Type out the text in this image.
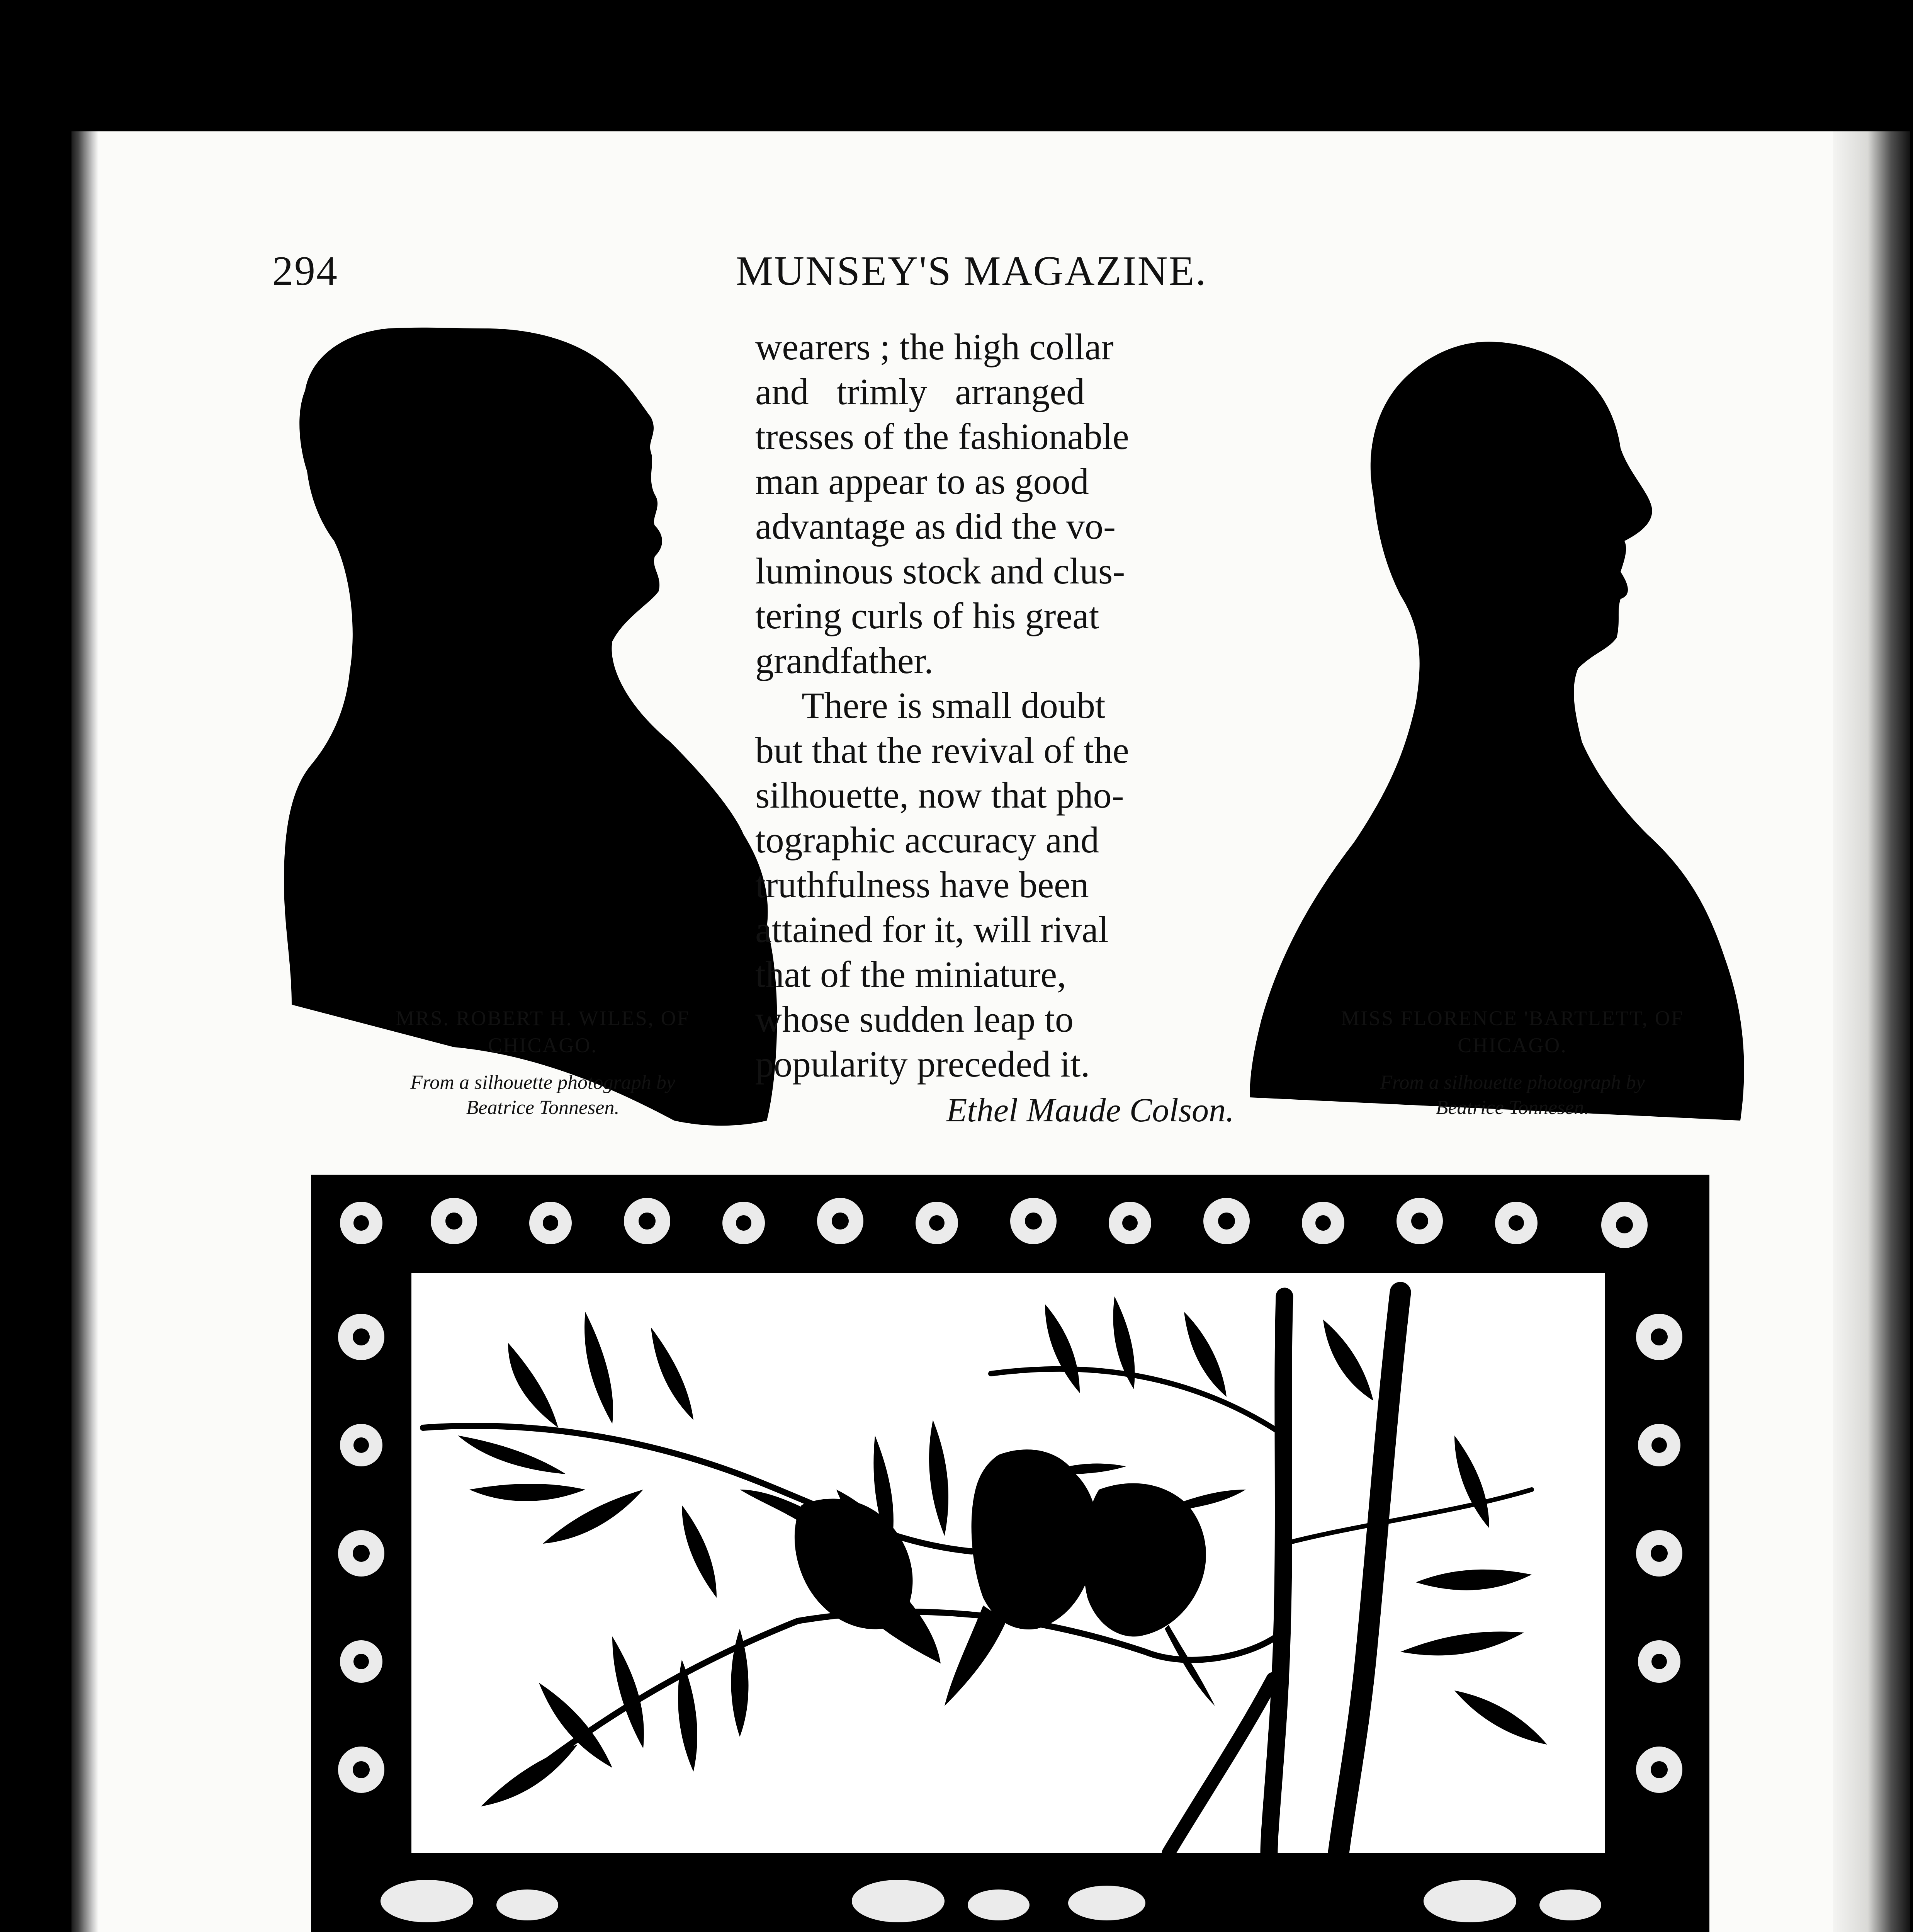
294	MUNSEY'S MAGAZINE.
MRS. ROBERT H. WILES, OF
CHICAGO.
From a silhouette photograph by
Beatrice Tonnesen.
wearers ; the high collar
and   trimly   arranged
tresses of the fashionable
man appear to as good
advantage as did the vo-
luminous stock and clus-
tering curls of his great
grandfather.
There is small doubt
but that the revival of the
silhouette, now that pho-
tographic accuracy and
truthfulness have been
attained for it, will rival
that of the miniature,
whose sudden leap to
popularity preceded it.
Ethel Maude Colson.
MISS FLORENCE 'BARTLETT, OF
CHICAGO.
From a silhouette photograph by
Beatrice Tonnesen.
